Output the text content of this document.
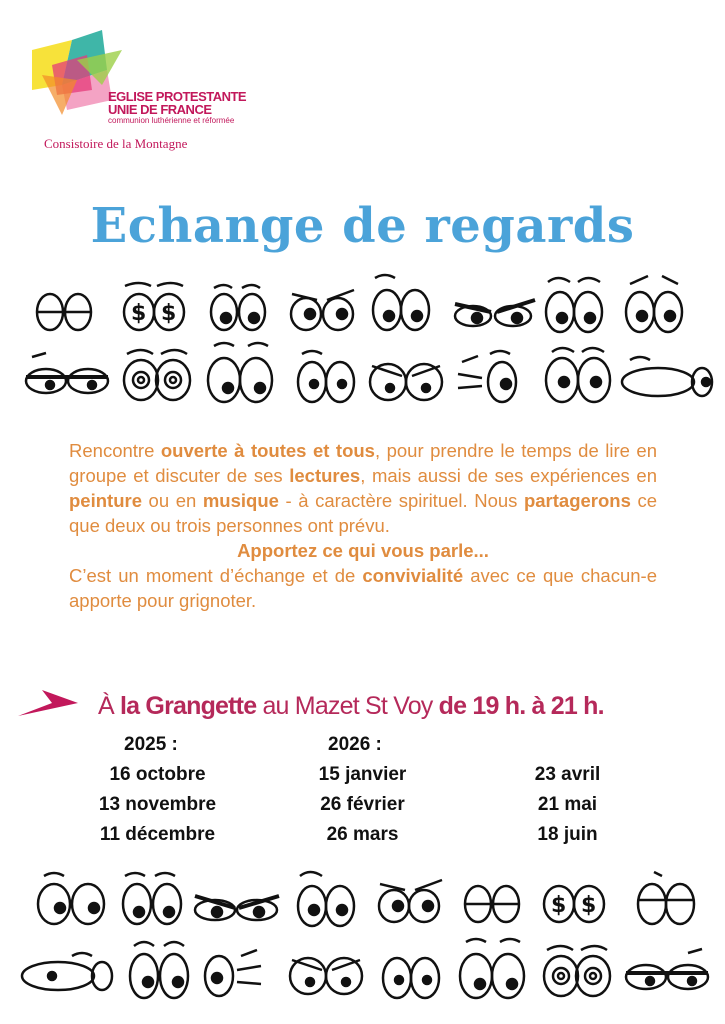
EGLISE PROTESTANTE
UNIE DE FRANCE
communion luthérienne et réformée
Consistoire de la Montagne
Echange de regards
$ $
Rencontre ouverte à toutes et tous, pour prendre le temps de lire en groupe et discuter de ses lectures, mais aussi de ses expériences en peinture ou en musique - à caractère spirituel. Nous partagerons ce que deux ou trois personnes ont prévu.
Apportez ce qui vous parle...
C’est un moment d’échange et de convivialité avec ce que chacun-e apporte pour grignoter.
À la Grangette au Mazet St Voy de 19 h. à 21 h.
2025 :
16 octobre
13 novembre
11 décembre
2026 :
15 janvier
26 février
26 mars
23 avril
21 mai
18 juin
$ $
